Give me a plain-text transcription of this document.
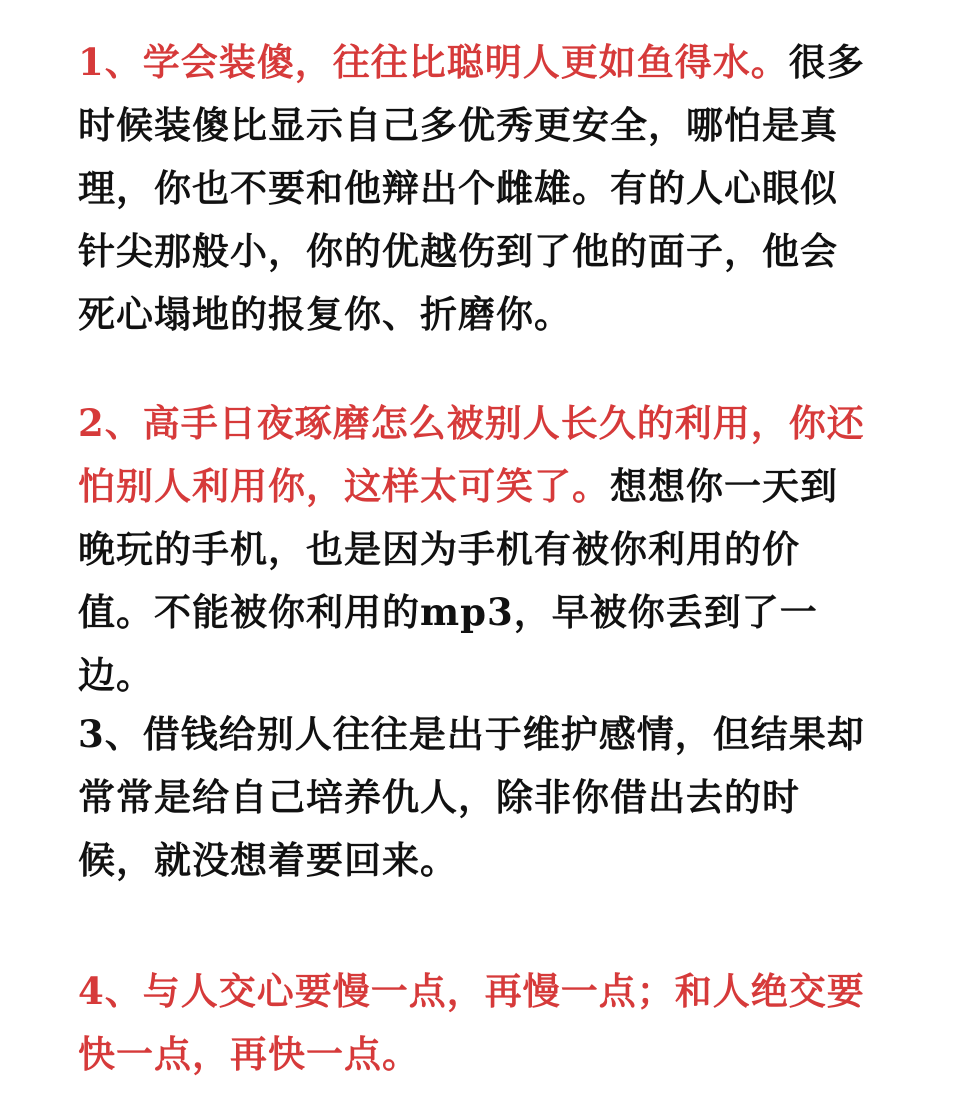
1、学会装傻，往往比聪明人更如鱼得水。很多时候装傻比显示自己多优秀更安全，哪怕是真理，你也不要和他辩出个雌雄。有的人心眼似针尖那般小，你的优越伤到了他的面子，他会死心塌地的报复你、折磨你。

2、高手日夜琢磨怎么被别人长久的利用，你还怕别人利用你，这样太可笑了。想想你一天到晚玩的手机，也是因为手机有被你利用的价值。不能被你利用的mp3，早被你丢到了一边。

3、借钱给别人往往是出于维护感情，但结果却常常是给自己培养仇人，除非你借出去的时候，就没想着要回来。

4、与人交心要慢一点，再慢一点；和人绝交要快一点，再快一点。
